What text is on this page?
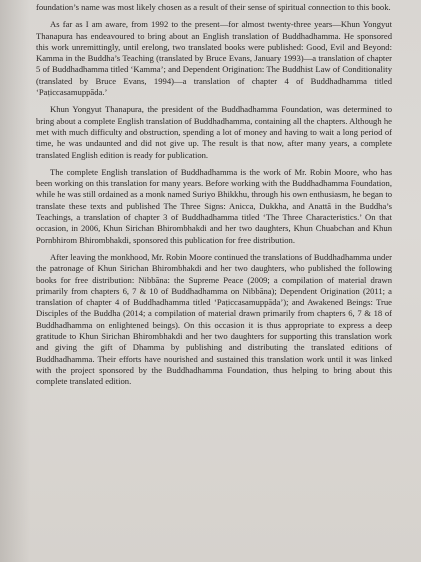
foundation’s name was most likely chosen as a result of their sense of spiritual connection to this book.

As far as I am aware, from 1992 to the present—for almost twenty-three years—Khun Yongyut Thanapura has endeavoured to bring about an English translation of Buddhadhamma. He sponsored this work unremittingly, until erelong, two translated books were published: Good, Evil and Beyond: Kamma in the Buddha’s Teaching (translated by Bruce Evans, January 1993)—a translation of chapter 5 of Buddhadhamma titled ‘Kamma’; and Dependent Origination: The Buddhist Law of Conditionality (translated by Bruce Evans, 1994)—a translation of chapter 4 of Buddhadhamma titled ‘Paṭiccasamuppāda.’

Khun Yongyut Thanapura, the president of the Buddhadhamma Foundation, was determined to bring about a complete English translation of Buddhadhamma, containing all the chapters. Although he met with much difficulty and obstruction, spending a lot of money and having to wait a long period of time, he was undaunted and did not give up. The result is that now, after many years, a complete translated English edition is ready for publication.

The complete English translation of Buddhadhamma is the work of Mr. Robin Moore, who has been working on this translation for many years. Before working with the Buddhadhamma Foundation, while he was still ordained as a monk named Suriyo Bhikkhu, through his own enthusiasm, he began to translate these texts and published The Three Signs: Anicca, Dukkha, and Anattā in the Buddha’s Teachings, a translation of chapter 3 of Buddhadhamma titled ‘The Three Characteristics.’ On that occasion, in 2006, Khun Sirichan Bhirombhakdi and her two daughters, Khun Chuabchan and Khun Pornbhirom Bhirombhakdi, sponsored this publication for free distribution.

After leaving the monkhood, Mr. Robin Moore continued the translations of Buddhadhamma under the patronage of Khun Sirichan Bhirombhakdi and her two daughters, who published the following books for free distribution: Nibbāna: the Supreme Peace (2009; a compilation of material drawn primarily from chapters 6, 7 & 10 of Buddhadhamma on Nibbāna); Dependent Origination (2011; a translation of chapter 4 of Buddhadhamma titled ‘Paṭiccasamuppāda’); and Awakened Beings: True Disciples of the Buddha (2014; a compilation of material drawn primarily from chapters 6, 7 & 18 of Buddhadhamma on enlightened beings). On this occasion it is thus appropriate to express a deep gratitude to Khun Sirichan Bhirombhakdi and her two daughters for supporting this translation work and giving the gift of Dhamma by publishing and distributing the translated editions of Buddhadhamma. Their efforts have nourished and sustained this translation work until it was linked with the project sponsored by the Buddhadhamma Foundation, thus helping to bring about this complete translated edition.
